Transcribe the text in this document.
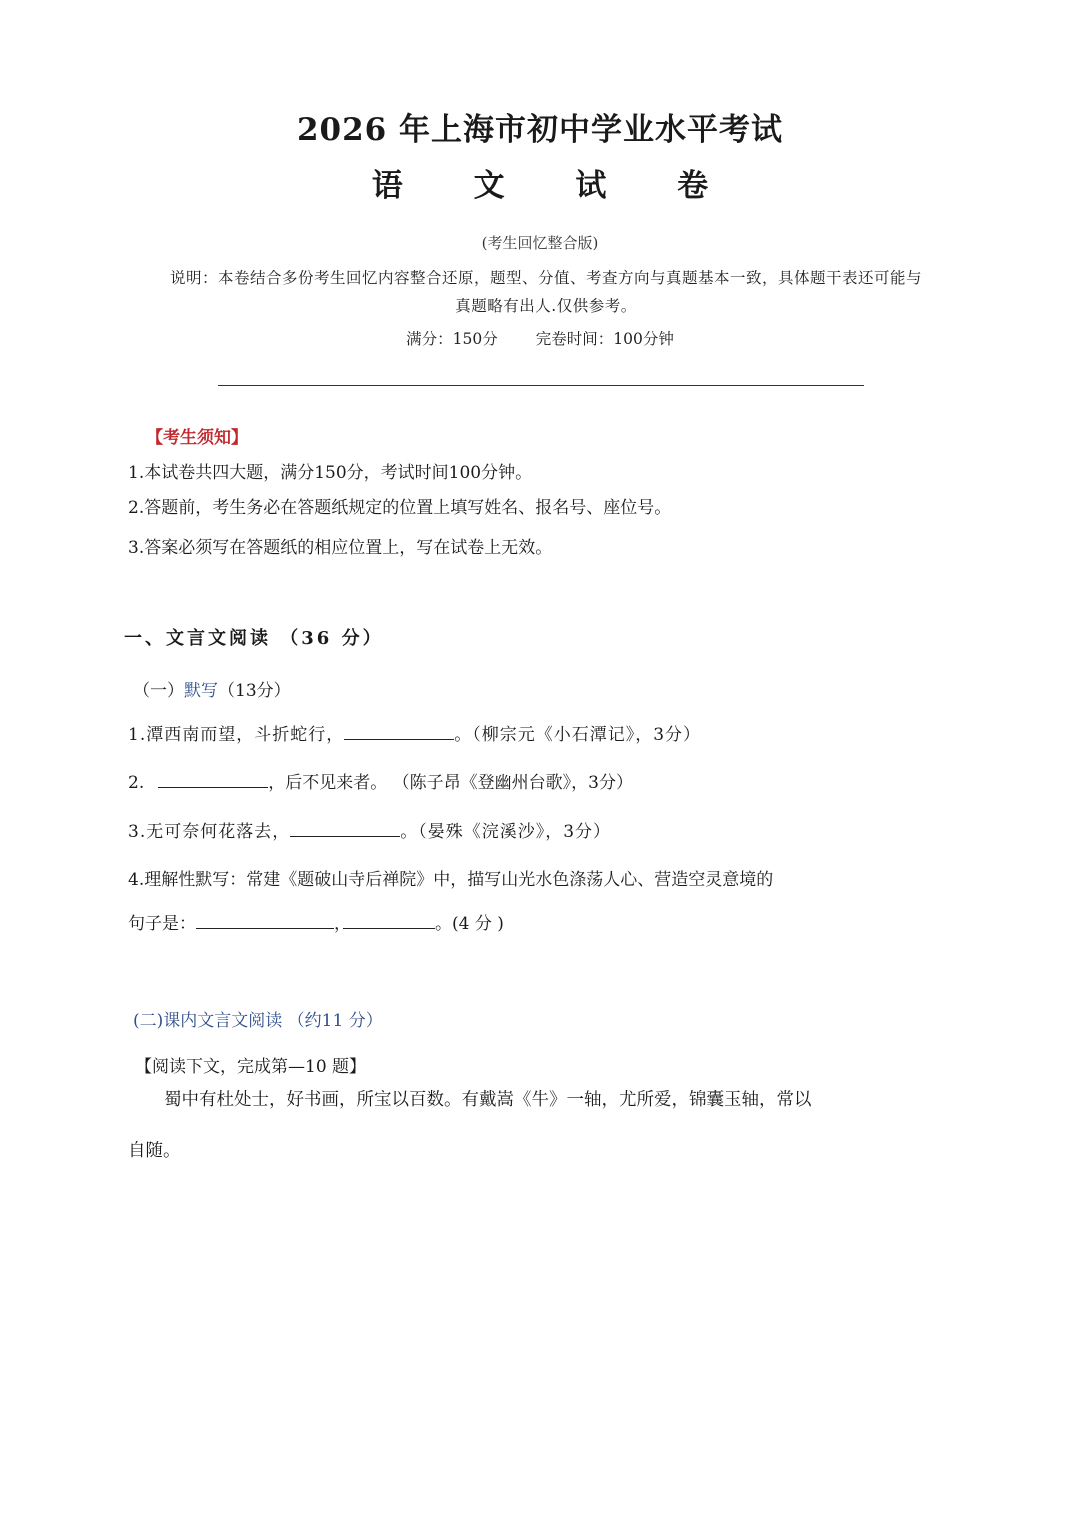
2026 年上海市初中学业水平考试
语 文 试 卷
(考生回忆整合版)
说明：本卷结合多份考生回忆内容整合还原，题型、分值、考查方向与真题基本一致，具体题干表还可能与
真题略有出人.仅供参考。
满分：150分 完卷时间：100分钟
【考生须知】
1.本试卷共四大题，满分150分，考试时间100分钟。
2.答题前，考生务必在答题纸规定的位置上填写姓名、报名号、座位号。
3.答案必须写在答题纸的相应位置上，写在试卷上无效。
一、文言文阅读 （36 分）
（一）默写（13分）
1.潭西南而望，斗折蛇行，	。（柳宗元《小石潭记》，3分）
2.	，后不见来者。 （陈子昂《登幽州台歌》，3分）
3.无可奈何花落去，	。（晏殊《浣溪沙》，3分）
4.理解性默写：常建《题破山寺后禅院》中，描写山光水色涤荡人心、营造空灵意境的
句子是：	，	。(4 分 )
(二)课内文言文阅读 （约11 分）
【阅读下文，完成第—10 题】
蜀中有杜处士，好书画，所宝以百数。有戴嵩《牛》一轴，尤所爱，锦囊玉轴，常以
自随。
